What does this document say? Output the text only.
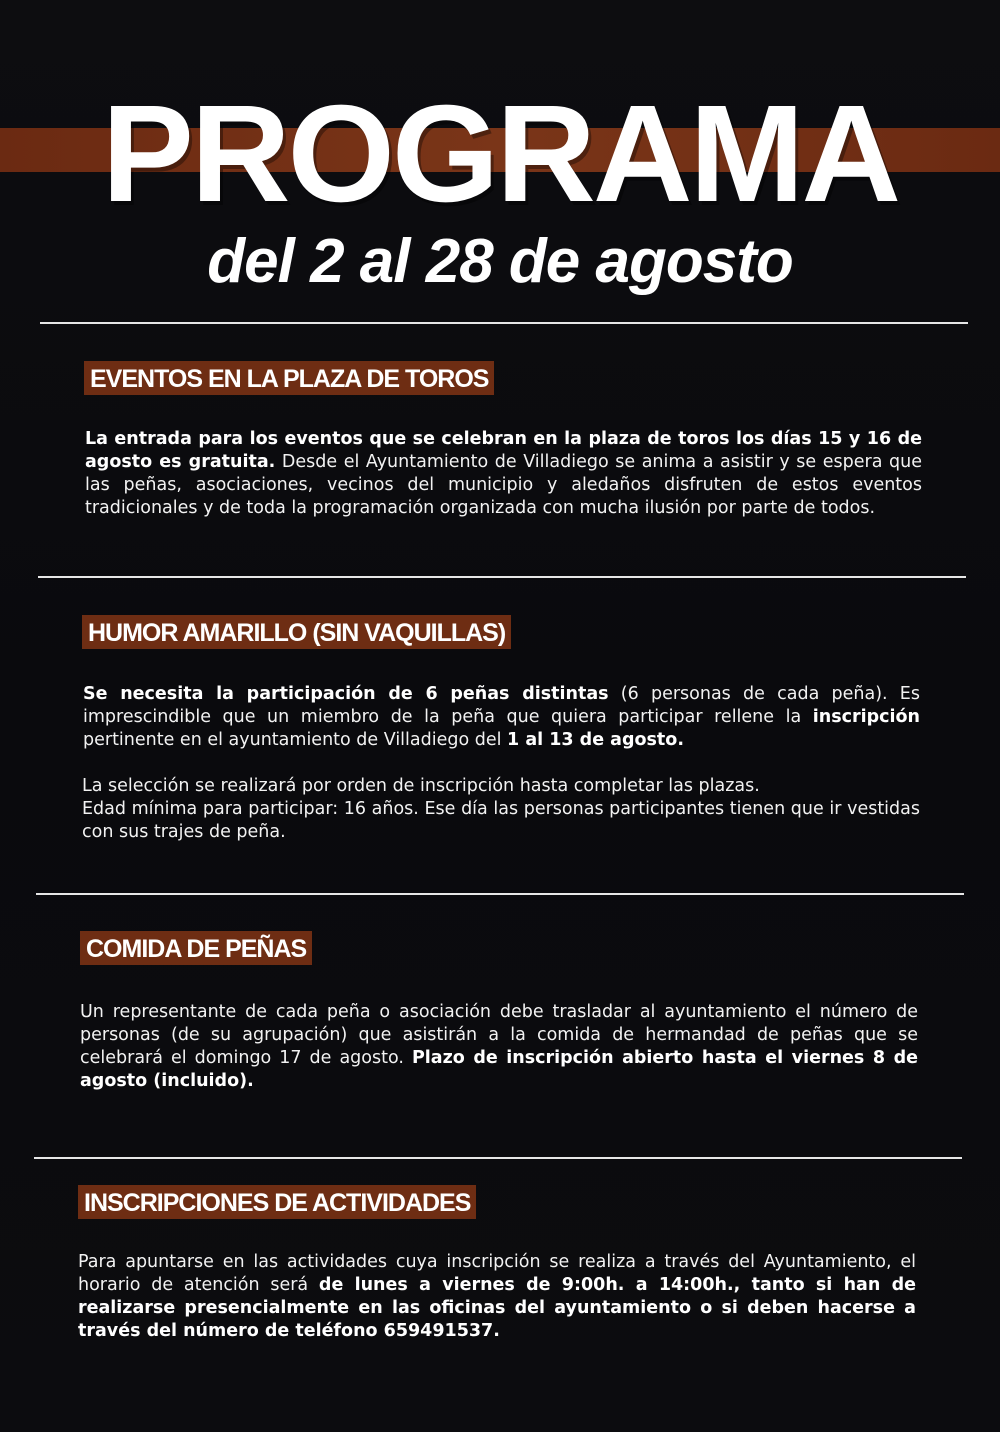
PROGRAMA
del 2 al 28 de agosto
EVENTOS EN LA PLAZA DE TOROS
La entrada para los eventos que se celebran en la plaza de toros los días 15 y 16 de agosto es gratuita. Desde el Ayuntamiento de Villadiego se anima a asistir y se espera que las peñas, asociaciones, vecinos del municipio y aledaños disfruten de estos eventos tradicionales y de toda la programación organizada con mucha ilusión por parte de todos.
HUMOR AMARILLO (SIN VAQUILLAS)
Se necesita la participación de 6 peñas distintas (6 personas de cada peña). Es imprescindible que un miembro de la peña que quiera participar rellene la inscripción pertinente en el ayuntamiento de Villadiego del 1 al 13 de agosto.
La selección se realizará por orden de inscripción hasta completar las plazas.
Edad mínima para participar: 16 años. Ese día las personas participantes tienen que ir vestidas con sus trajes de peña.
COMIDA DE PEÑAS
Un representante de cada peña o asociación debe trasladar al ayuntamiento el número de personas (de su agrupación) que asistirán a la comida de hermandad de peñas que se celebrará el domingo 17 de agosto. Plazo de inscripción abierto hasta el viernes 8 de agosto (incluido).
INSCRIPCIONES DE ACTIVIDADES
Para apuntarse en las actividades cuya inscripción se realiza a través del Ayuntamiento, el horario de atención será de lunes a viernes de 9:00h. a 14:00h., tanto si han de realizarse presencialmente en las oficinas del ayuntamiento o si deben hacerse a través del número de teléfono 659491537.
